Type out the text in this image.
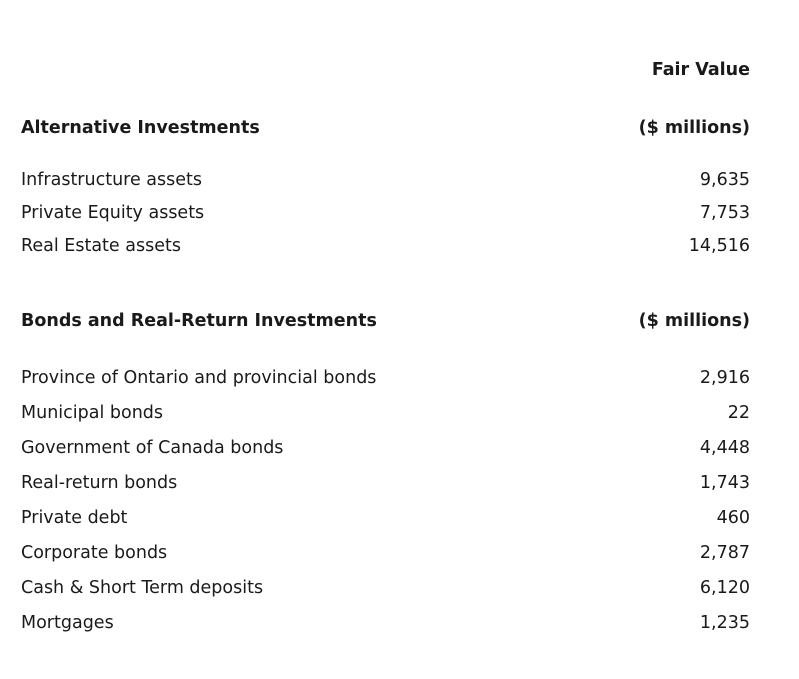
Fair Value
Alternative Investments	($ millions)
Infrastructure assets	9,635
Private Equity assets	7,753
Real Estate assets	14,516
Bonds and Real-Return Investments	($ millions)
Province of Ontario and provincial bonds	2,916
Municipal bonds	22
Government of Canada bonds	4,448
Real-return bonds	1,743
Private debt	460
Corporate bonds	2,787
Cash & Short Term deposits	6,120
Mortgages	1,235
